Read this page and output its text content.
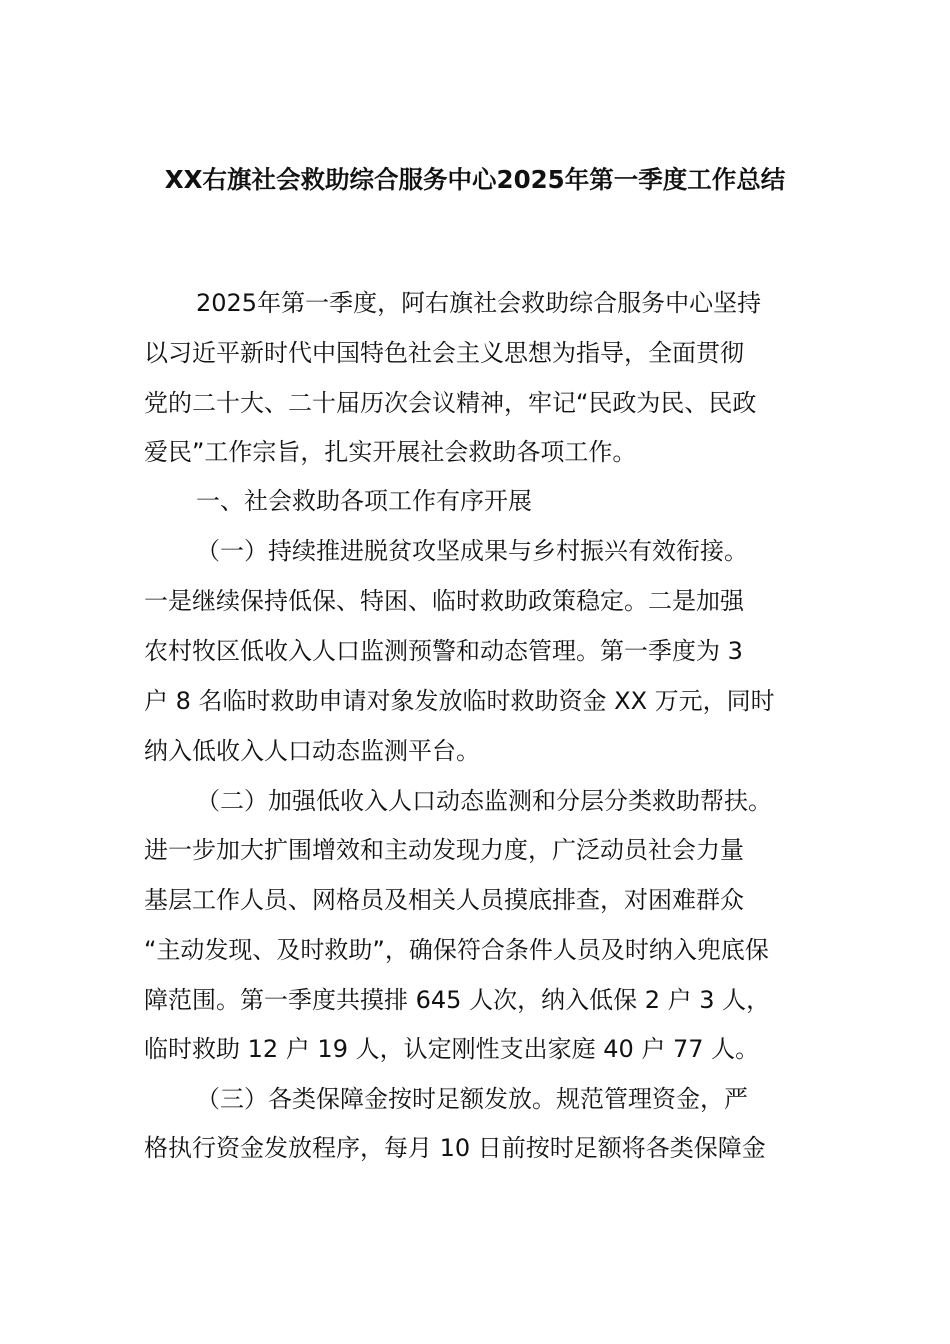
XX右旗社会救助综合服务中心2025年第一季度工作总结

2025年第一季度，阿右旗社会救助综合服务中心坚持

以习近平新时代中国特色社会主义思想为指导，全面贯彻

党的二十大、二十届历次会议精神，牢记“民政为民、民政

爱民”工作宗旨，扎实开展社会救助各项工作。

一、社会救助各项工作有序开展

（一）持续推进脱贫攻坚成果与乡村振兴有效衔接。

一是继续保持低保、特困、临时救助政策稳定。二是加强

农村牧区低收入人口监测预警和动态管理。第一季度为 3

户 8 名临时救助申请对象发放临时救助资金 XX 万元，同时

纳入低收入人口动态监测平台。

（二）加强低收入人口动态监测和分层分类救助帮扶。

进一步加大扩围增效和主动发现力度，广泛动员社会力量

基层工作人员、网格员及相关人员摸底排查，对困难群众

“主动发现、及时救助”，确保符合条件人员及时纳入兜底保

障范围。第一季度共摸排 645 人次，纳入低保 2 户 3 人，

临时救助 12 户 19 人，认定刚性支出家庭 40 户 77 人。

（三）各类保障金按时足额发放。规范管理资金，严

格执行资金发放程序，每月 10 日前按时足额将各类保障金
